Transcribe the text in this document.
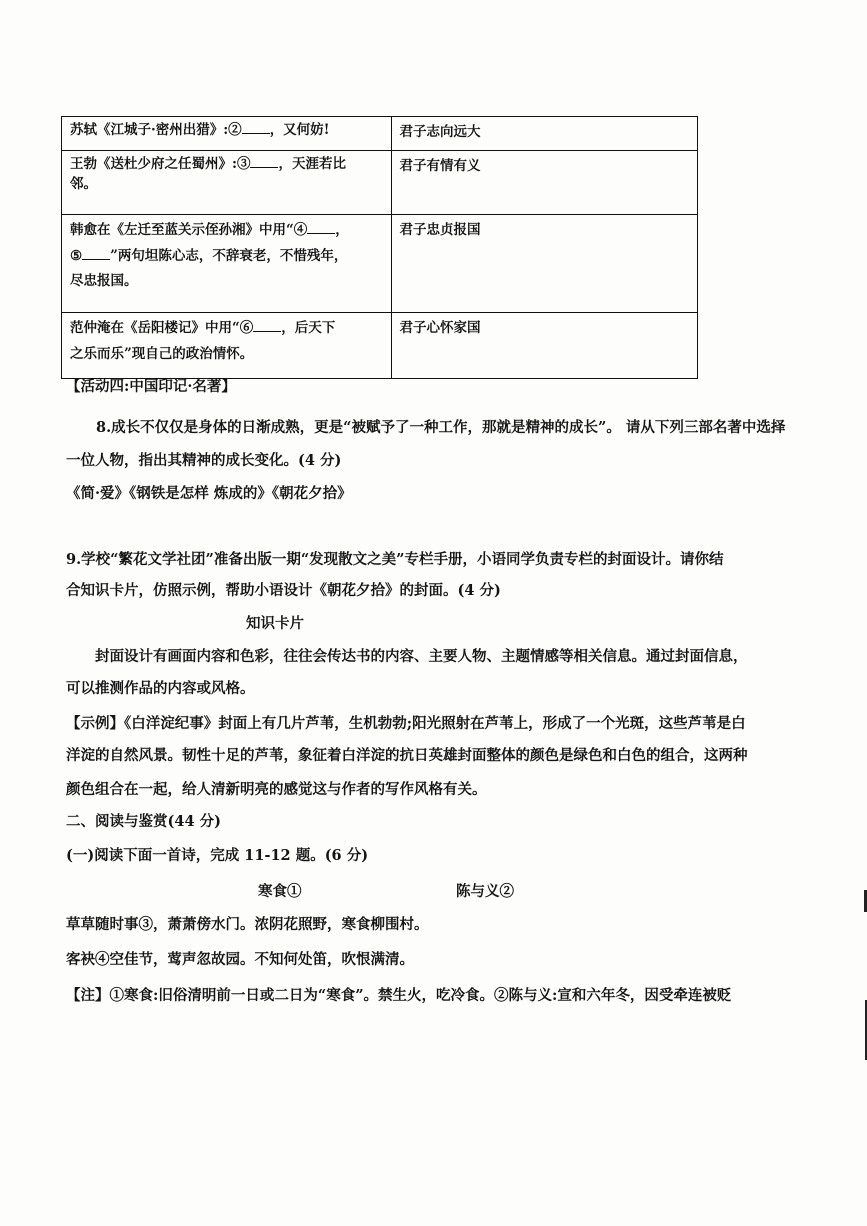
苏轼《江城子·密州出猎》:② ，又何妨!	君子志向远大
王勃《送杜少府之任蜀州》:③ ，天涯若比
邻。	君子有情有义

韩愈在《左迁至蓝关示侄孙湘》中用“④ ，
⑤ ”两句坦陈心志，不辞衰老，不惜残年，
尽忠报国。	君子忠贞报国

范仲淹在《岳阳楼记》中用“⑥ ，后天下
之乐而乐”现自己的政治情怀。	君子心怀家国
【活动四:中国印记·名著】
8.成长不仅仅是身体的日渐成熟，更是“被赋予了一种工作，那就是精神的成长”。 请从下列三部名著中选择
一位人物，指出其精神的成长变化。(4 分)
《简·爱》《钢铁是怎样 炼成的》《朝花夕拾》
9.学校“繁花文学社团”准备出版一期“发现散文之美”专栏手册，小语同学负责专栏的封面设计。请你结
合知识卡片，仿照示例，帮助小语设计《朝花夕拾》的封面。(4 分)
知识卡片
封面设计有画面内容和色彩，往往会传达书的内容、主要人物、主题情感等相关信息。通过封面信息，
可以推测作品的内容或风格。
【示例】《白洋淀纪事》封面上有几片芦苇，生机勃勃;阳光照射在芦苇上，形成了一个光斑，这些芦苇是白
洋淀的自然风景。韧性十足的芦苇，象征着白洋淀的抗日英雄封面整体的颜色是绿色和白色的组合，这两种
颜色组合在一起，给人清新明亮的感觉这与作者的写作风格有关。
二、阅读与鉴赏(44 分)
(一)阅读下面一首诗，完成 11-12 题。(6 分)
寒食①	陈与义②
草草随时事③，萧萧傍水门。浓阴花照野，寒食柳围村。
客袂④空佳节，莺声忽故园。不知何处笛，吹恨满清。
【注】①寒食:旧俗清明前一日或二日为“寒食”。禁生火，吃冷食。②陈与义:宣和六年冬，因受牵连被贬
